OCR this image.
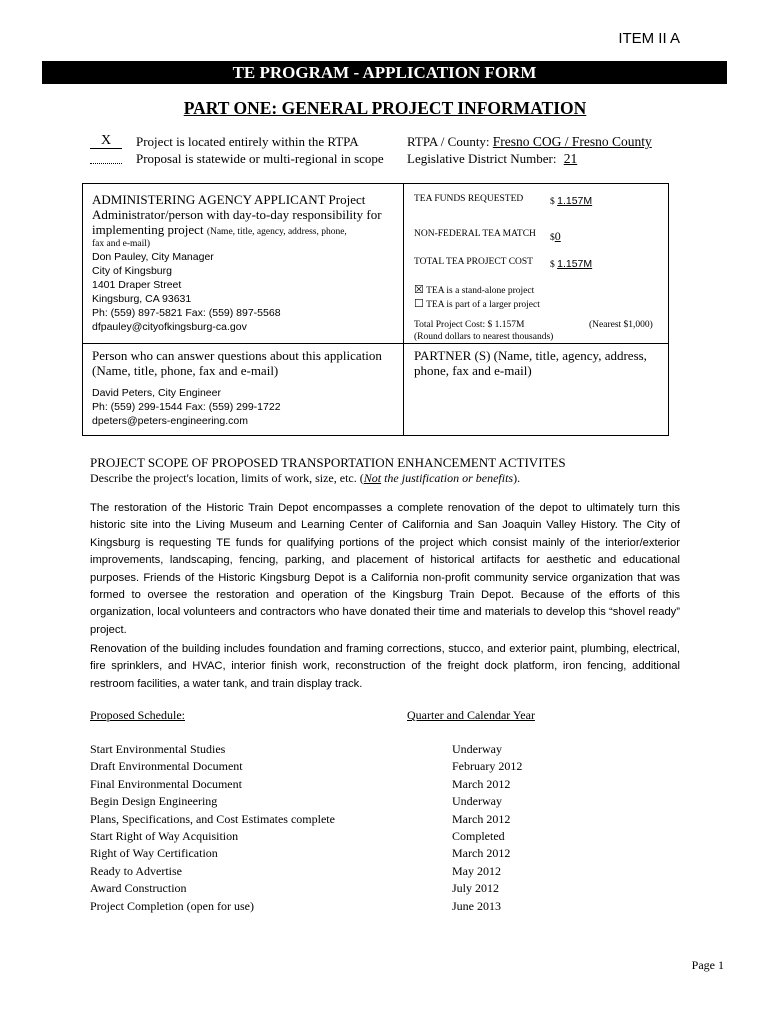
ITEM II A
TE PROGRAM - APPLICATION FORM
PART ONE: GENERAL PROJECT INFORMATION
X	Project is located entirely within the RTPA
Proposal is statewide or multi-regional in scope
RTPA / County: Fresno COG / Fresno County
Legislative District Number: 21
ADMINISTERING AGENCY APPLICANT Project
Administrator/person with day-to-day responsibility for
implementing project (Name, title, agency, address, phone,
fax and e-mail)
Don Pauley, City Manager
City of Kingsburg
1401 Draper Street
Kingsburg, CA 93631
Ph: (559) 897-5821 Fax: (559) 897-5568
dfpauley@cityofkingsburg-ca.gov
TEA FUNDS REQUESTED	$ 1.157M
NON-FEDERAL TEA MATCH $0
TOTAL TEA PROJECT COST $ 1.157M
☒ TEA is a stand-alone project
☐ TEA is part of a larger project
Total Project Cost: $ 1.157M	(Nearest $1,000)
(Round dollars to nearest thousands)
Person who can answer questions about this application
(Name, title, phone, fax and e-mail)
David Peters, City Engineer
Ph: (559) 299-1544 Fax: (559) 299-1722
dpeters@peters-engineering.com
PARTNER (S) (Name, title, agency, address,
phone, fax and e-mail)
PROJECT SCOPE OF PROPOSED TRANSPORTATION ENHANCEMENT ACTIVITES
Describe the project's location, limits of work, size, etc. (Not the justification or benefits).
The restoration of the Historic Train Depot encompasses a complete renovation of the depot to ultimately turn this historic site into the Living Museum and Learning Center of California and San Joaquin Valley History. The City of Kingsburg is requesting TE funds for qualifying portions of the project which consist mainly of the interior/exterior improvements, landscaping, fencing, parking, and placement of historical artifacts for aesthetic and educational purposes. Friends of the Historic Kingsburg Depot is a California non-profit community service organization that was formed to oversee the restoration and operation of the Kingsburg Train Depot. Because of the efforts of this organization, local volunteers and contractors who have donated their time and materials to develop this “shovel ready” project.
Renovation of the building includes foundation and framing corrections, stucco, and exterior paint, plumbing, electrical, fire sprinklers, and HVAC, interior finish work, reconstruction of the freight dock platform, iron fencing, additional restroom facilities, a water tank, and train display track.
Proposed Schedule:	Quarter and Calendar Year
Start Environmental Studies	Underway
Draft Environmental Document	February 2012
Final Environmental Document	March 2012
Begin Design Engineering	Underway
Plans, Specifications, and Cost Estimates complete	March 2012
Start Right of Way Acquisition	Completed
Right of Way Certification	March 2012
Ready to Advertise	May 2012
Award Construction	July 2012
Project Completion (open for use)	June 2013
Page 1
